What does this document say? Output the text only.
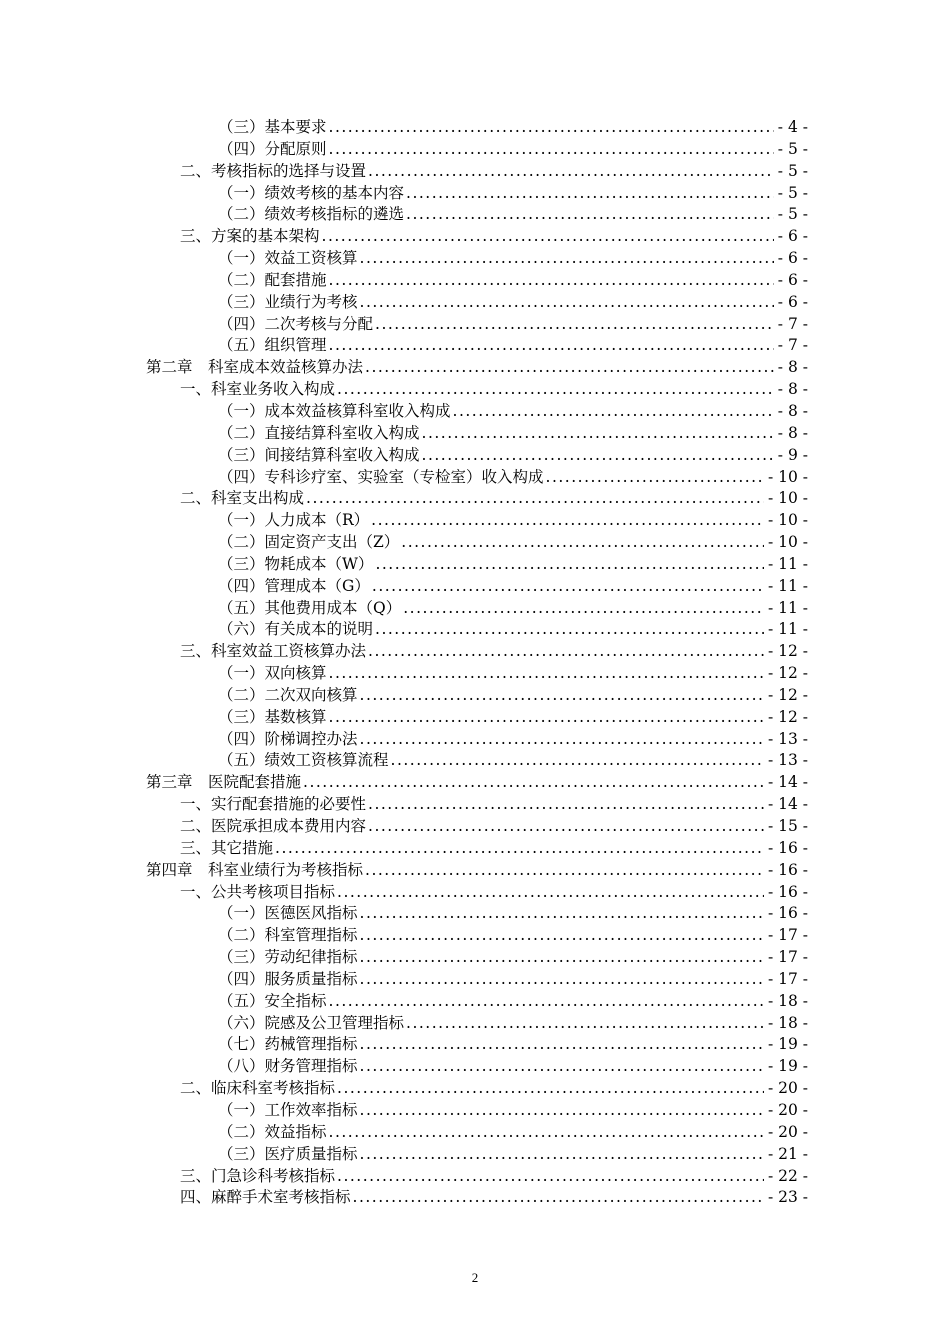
（三）基本要求 .....	- 4 -
（四）分配原则 .....	- 5 -
二、考核指标的选择与设置 .....	- 5 -
（一）绩效考核的基本内容 .....	- 5 -
（二）绩效考核指标的遴选 .....	- 5 -
三、方案的基本架构 .....	- 6 -
（一）效益工资核算 .....	- 6 -
（二）配套措施 .....	- 6 -
（三）业绩行为考核 .....	- 6 -
（四）二次考核与分配 .....	- 7 -
（五）组织管理 .....	- 7 -
第二章　科室成本效益核算办法 .....	- 8 -
一、科室业务收入构成 .....	- 8 -
（一）成本效益核算科室收入构成 .....	- 8 -
（二）直接结算科室收入构成 .....	- 8 -
（三）间接结算科室收入构成 .....	- 9 -
（四）专科诊疗室、实验室（专检室）收入构成 .....	- 10 -
二、科室支出构成 .....	- 10 -
（一）人力成本（R） .....	- 10 -
（二）固定资产支出（Z） .....	- 10 -
（三）物耗成本（W） .....	- 11 -
（四）管理成本（G） .....	- 11 -
（五）其他费用成本（Q） .....	- 11 -
（六）有关成本的说明 .....	- 11 -
三、科室效益工资核算办法 .....	- 12 -
（一）双向核算 .....	- 12 -
（二）二次双向核算 .....	- 12 -
（三）基数核算 .....	- 12 -
（四）阶梯调控办法 .....	- 13 -
（五）绩效工资核算流程 .....	- 13 -
第三章　医院配套措施 .....	- 14 -
一、实行配套措施的必要性 .....	- 14 -
二、医院承担成本费用内容 .....	- 15 -
三、其它措施 .....	- 16 -
第四章　科室业绩行为考核指标 .....	- 16 -
一、公共考核项目指标 .....	- 16 -
（一）医德医风指标 .....	- 16 -
（二）科室管理指标 .....	- 17 -
（三）劳动纪律指标 .....	- 17 -
（四）服务质量指标 .....	- 17 -
（五）安全指标 .....	- 18 -
（六）院感及公卫管理指标 .....	- 18 -
（七）药械管理指标 .....	- 19 -
（八）财务管理指标 .....	- 19 -
二、临床科室考核指标 .....	- 20 -
（一）工作效率指标 .....	- 20 -
（二）效益指标 .....	- 20 -
（三）医疗质量指标 .....	- 21 -
三、门急诊科考核指标 .....	- 22 -
四、麻醉手术室考核指标 .....	- 23 -
2
